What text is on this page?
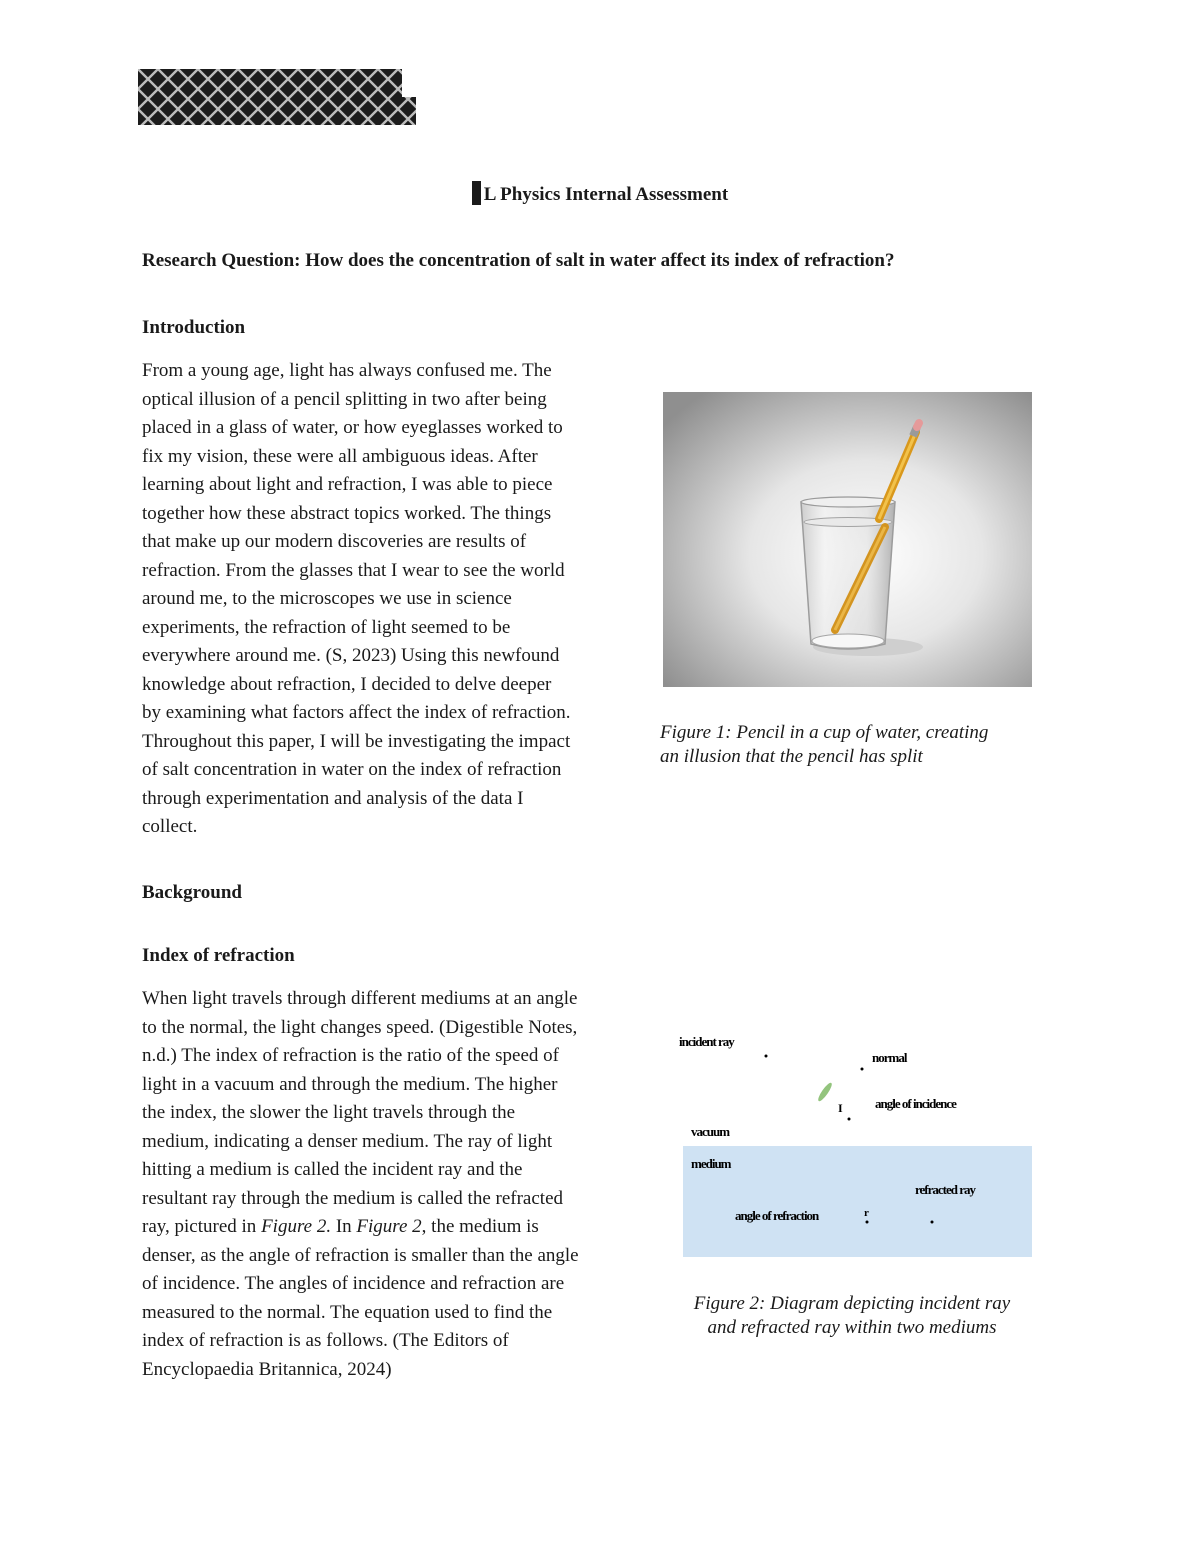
L Physics Internal Assessment
Research Question: How does the concentration of salt in water affect its index of refraction?
Introduction
From a young age, light has always confused me. The
optical illusion of a pencil splitting in two after being
placed in a glass of water, or how eyeglasses worked to
fix my vision, these were all ambiguous ideas. After
learning about light and refraction, I was able to piece
together how these abstract topics worked. The things
that make up our modern discoveries are results of
refraction. From the glasses that I wear to see the world
around me, to the microscopes we use in science
experiments, the refraction of light seemed to be
everywhere around me. (S, 2023) Using this newfound
knowledge about refraction, I decided to delve deeper
by examining what factors affect the index of refraction.
Throughout this paper, I will be investigating the impact
of salt concentration in water on the index of refraction
through experimentation and analysis of the data I
collect.
Figure 1: Pencil in a cup of water, creating
an illusion that the pencil has split
Background
Index of refraction
When light travels through different mediums at an angle
to the normal, the light changes speed. (Digestible Notes,
n.d.) The index of refraction is the ratio of the speed of
light in a vacuum and through the medium. The higher
the index, the slower the light travels through the
medium, indicating a denser medium. The ray of light
hitting a medium is called the incident ray and the
resultant ray through the medium is called the refracted
ray, pictured in Figure 2. In Figure 2, the medium is
denser, as the angle of refraction is smaller than the angle
of incidence. The angles of incidence and refraction are
measured to the normal. The equation used to find the
index of refraction is as follows. (The Editors of
Encyclopaedia Britannica, 2024)
incident ray
normal
angle of incidence
vacuum
medium
refracted ray
angle of refraction
I
r
Figure 2: Diagram depicting incident ray
and refracted ray within two mediums
